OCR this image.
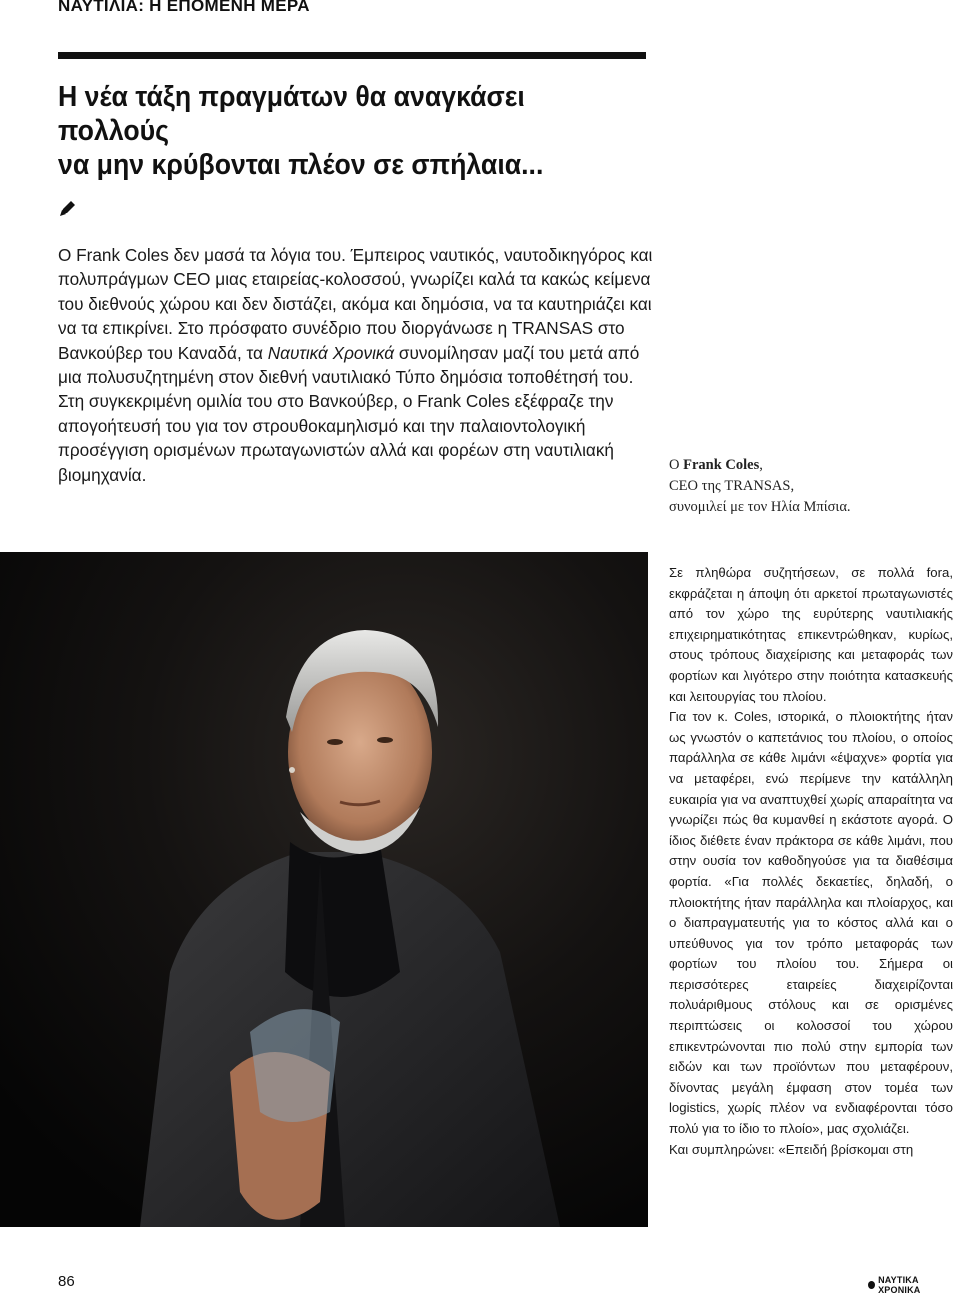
ΝΑΥΤΙΛΙΑ: Η ΕΠΟΜΕΝΗ ΜΕΡΑ
Η νέα τάξη πραγμάτων θα αναγκάσει πολλούς
να μην κρύβονται πλέον σε σπήλαια...

Ο Frank Coles δεν μασά τα λόγια του. Έμπειρος ναυτικός, ναυτοδικηγόρος και πολυπράγμων CEO μιας εταιρείας-κολοσσού, γνωρίζει καλά τα κακώς κείμενα του διεθνούς χώρου και δεν διστάζει, ακόμα και δημόσια, να τα καυτηριάζει και να τα επικρίνει. Στο πρόσφατο συνέδριο που διοργάνωσε η TRANSAS στο Βανκούβερ του Καναδά, τα Ναυτικά Χρονικά συνομίλησαν μαζί του μετά από μια πολυσυζητημένη στον διεθνή ναυτιλιακό Τύπο δημόσια τοποθέτησή του. Στη συγκεκριμένη ομιλία του στο Βανκούβερ, ο Frank Coles εξέφραζε την απογοήτευσή του για τον στρουθοκαμηλισμό και την παλαιοντολογική προσέγγιση ορισμένων πρωταγωνιστών αλλά και φορέων στη ναυτιλιακή βιομηχανία.	Ο Frank Coles,
CEO της TRANSAS,
συνομιλεί με τον Ηλία Μπίσια.

Σε πληθώρα συζητήσεων, σε πολλά fora, εκφράζεται η άποψη ότι αρκετοί πρωταγωνιστές από τον χώρο της ευρύτερης ναυτιλιακής επιχειρηματικότητας επικεντρώθηκαν, κυρίως, στους τρόπους διαχείρισης και μεταφοράς των φορτίων και λιγότερο στην ποιότητα κατασκευής και λειτουργίας του πλοίου.

Για τον κ. Coles, ιστορικά, ο πλοιοκτήτης ήταν ως γνωστόν ο καπετάνιος του πλοίου, ο οποίος παράλληλα σε κάθε λιμάνι «έψαχνε» φορτία για να μεταφέρει, ενώ περίμενε την κατάλληλη ευκαιρία για να αναπτυχθεί χωρίς απαραίτητα να γνωρίζει πώς θα κυμανθεί η εκάστοτε αγορά. Ο ίδιος διέθετε έναν πράκτορα σε κάθε λιμάνι, που στην ουσία τον καθοδηγούσε για τα διαθέσιμα φορτία. «Για πολλές δεκαετίες, δηλαδή, ο πλοιοκτήτης ήταν παράλληλα και πλοίαρχος, και ο διαπραγματευτής για το κόστος αλλά και ο υπεύθυνος για τον τρόπο μεταφοράς των φορτίων του πλοίου του. Σήμερα οι περισσότερες εταιρείες διαχειρίζονται πολυάριθμους στόλους και σε ορισμένες περιπτώσεις οι κολοσσοί του χώρου επικεντρώνονται πιο πολύ στην εμπορία των ειδών και των προϊόντων που μεταφέρουν, δίνοντας μεγάλη έμφαση στον τομέα των logistics, χωρίς πλέον να ενδιαφέρονται τόσο πολύ για το ίδιο το πλοίο», μας σχολιάζει.

Και συμπληρώνει: «Επειδή βρίσκομαι στη

86	ΝΑΥΤΙΚΑ ΧΡΟΝΙΚΑ
